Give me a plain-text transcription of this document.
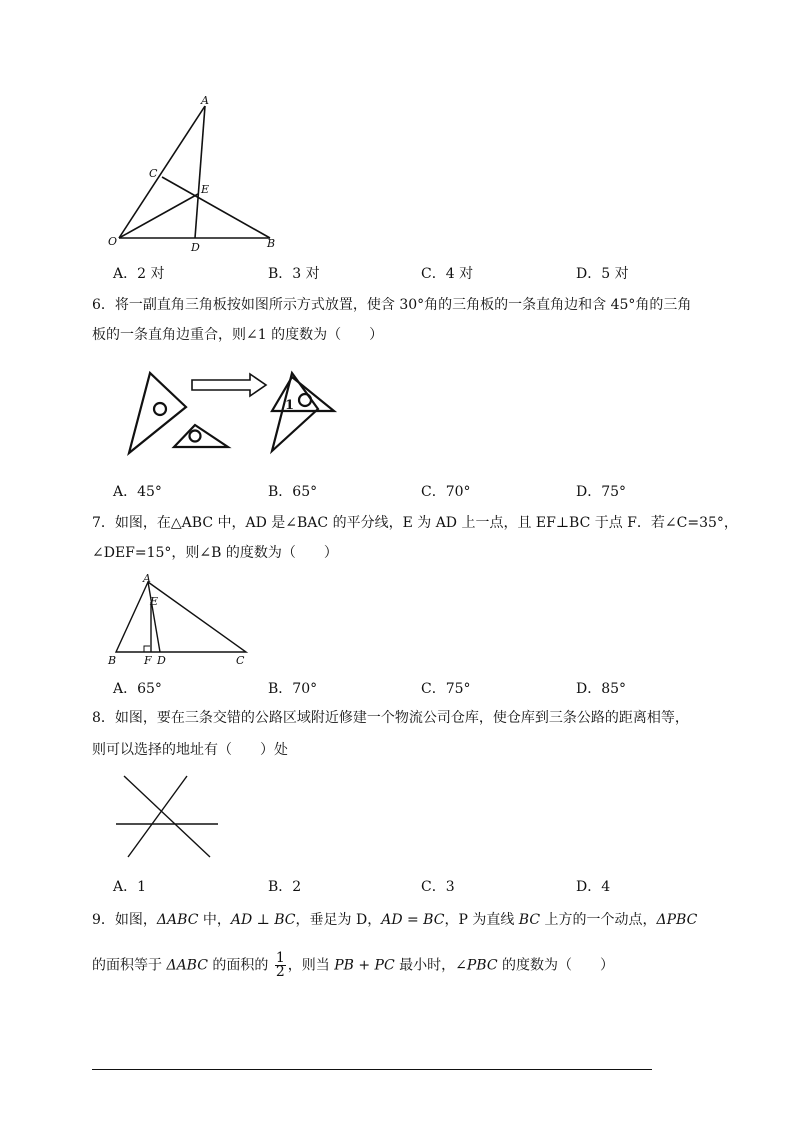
A
C
E
O	D	B
A．2 对	B．3 对	C．4 对	D．5 对
6．将一副直角三角板按如图所示方式放置，使含 30°角的三角板的一条直角边和含 45°角的三角
板的一条直角边重合，则∠1 的度数为（　　）
1
A．45°	B．65°	C．70°	D．75°
7．如图，在△ABC 中，AD 是∠BAC 的平分线，E 为 AD 上一点，且 EF⊥BC 于点 F．若∠C=35°，
∠DEF=15°，则∠B 的度数为（　　）
A
E
B	F D	C
A．65°	B．70°	C．75°	D．85°
8．如图，要在三条交错的公路区域附近修建一个物流公司仓库，使仓库到三条公路的距离相等，
则可以选择的地址有（　　）处
A．1	B．2	C．3	D．4
9．如图，ΔABC 中，AD ⊥ BC，垂足为 D，AD = BC，P 为直线 BC 上方的一个动点，ΔPBC
的面积等于 ΔABC 的面积的 $\frac{1}{2}$ ，则当 PB + PC 最小时，∠PBC 的度数为（　　）
